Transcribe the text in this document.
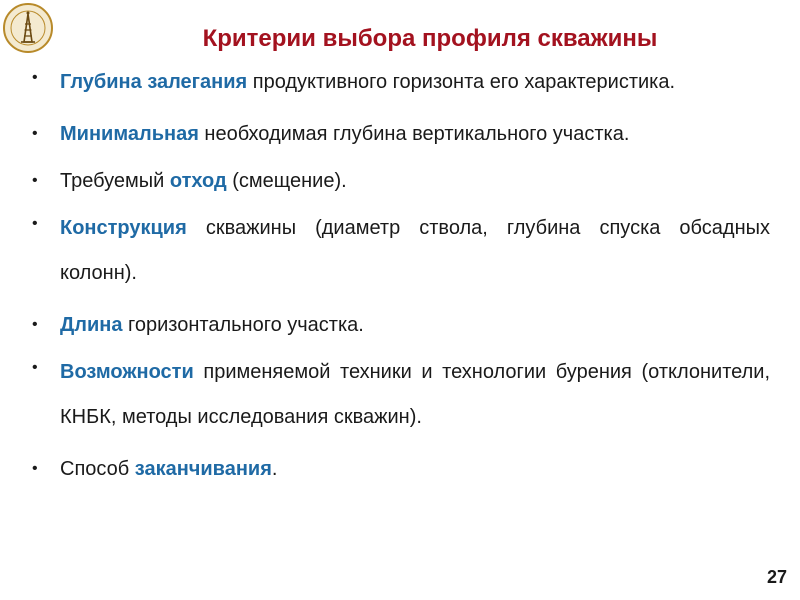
Критерии выбора профиля скважины
•	Глубина залегания продуктивного горизонта его характеристика.
•	Минимальная необходимая глубина вертикального участка.
•	Требуемый отход (смещение).
•	Конструкция скважины (диаметр ствола, глубина спуска обсадных колонн).
•	Длина горизонтального участка.
•	Возможности применяемой техники и технологии бурения (отклонители, КНБК, методы исследования скважин).
•	Способ заканчивания.
27
